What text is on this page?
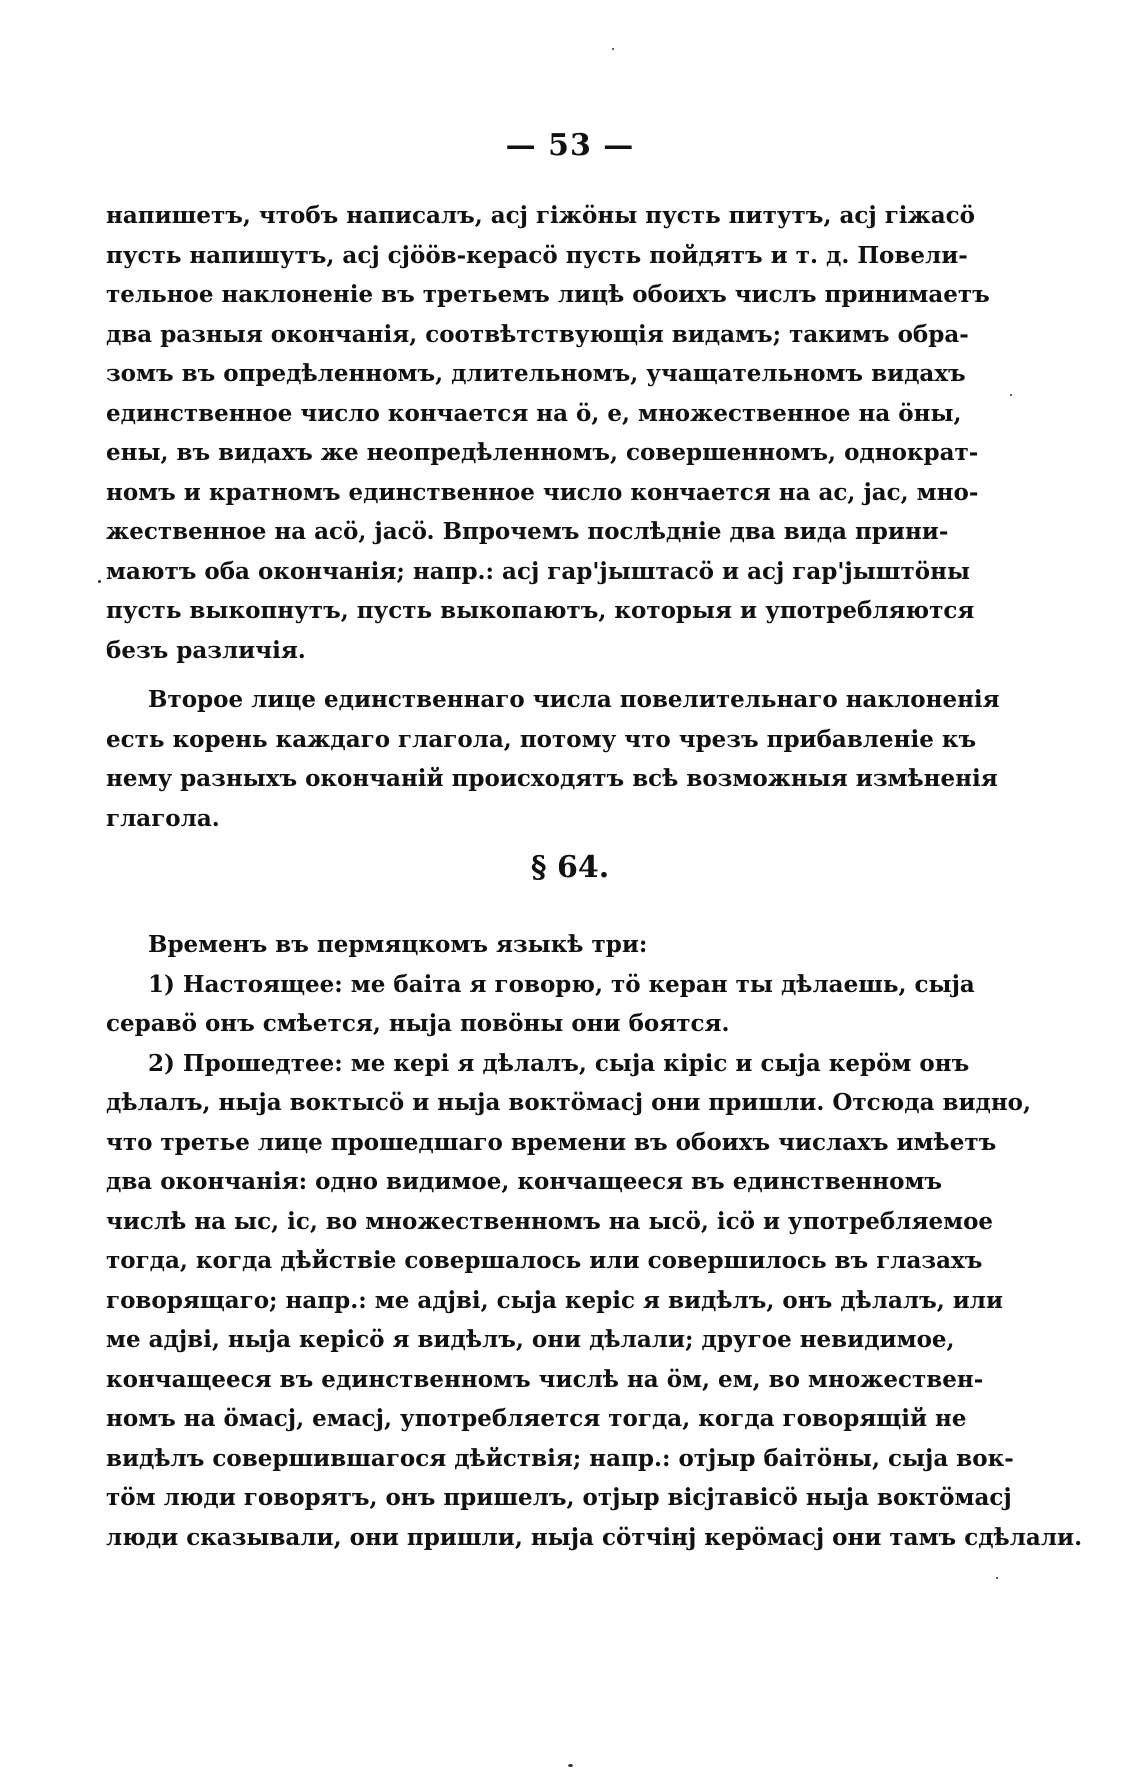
— 53 —
напишетъ, чтобъ написалъ, асј гіжöны пусть питутъ, асј гіжасö
пусть напишутъ, асј сјööв-керасö пусть пойдятъ и т. д. Повели-
тельное наклоненіе въ третьемъ лицѣ обоихъ числъ принимаетъ
два разныя окончанія, соотвѣтствующія видамъ; такимъ обра-
зомъ въ опредѣленномъ, длительномъ, учащательномъ видахъ
единственное число кончается на ö, е, множественное на öны,
ены, въ видахъ же неопредѣленномъ, совершенномъ, однократ-
номъ и кратномъ единственное число кончается на ас, јас, мно-
жественное на асö, јасö. Впрочемъ послѣдніе два вида прини-
маютъ оба окончанія; напр.: асј гар'јыштасö и асј гар'јыштöны
пусть выкопнутъ, пусть выкопаютъ, которыя и употребляются
безъ различія.
Второе лице единственнаго числа повелительнаго наклоненія
есть корень каждаго глагола, потому что чрезъ прибавленіе къ
нему разныхъ окончаній происходятъ всѣ возможныя измѣненія
глагола.
§ 64.
Временъ въ пермяцкомъ языкѣ три:
1) Настоящее: ме баіта я говорю, тö керан ты дѣлаешь, сыја
серавö онъ смѣется, ныја повöны они боятся.
2) Прошедтее: ме кері я дѣлалъ, сыја кіріс и сыја керöм онъ
дѣлалъ, ныја воктысö и ныја воктöмасј они пришли. Отсюда видно,
что третье лице прошедшаго времени въ обоихъ числахъ имѣетъ
два окончанія: одно видимое, кончащееся въ единственномъ
числѣ на ыс, іс, во множественномъ на ысö, ісö и употребляемое
тогда, когда дѣйствіе совершалось или совершилось въ глазахъ
говорящаго; напр.: ме адјві, сыја керіс я видѣлъ, онъ дѣлалъ, или
ме адјві, ныја керісö я видѣлъ, они дѣлали; другое невидимое,
кончащееся въ единственномъ числѣ на öм, ем, во множествен-
номъ на öмасј, емасј, употребляется тогда, когда говорящій не
видѣлъ совершившагося дѣйствія; напр.: отјыр баітöны, сыја вок-
тöм люди говорятъ, онъ пришелъ, отјыр вісјтавісö ныја воктöмасј
люди сказывали, они пришли, ныја сöтчінј керöмасј они тамъ сдѣлали.
